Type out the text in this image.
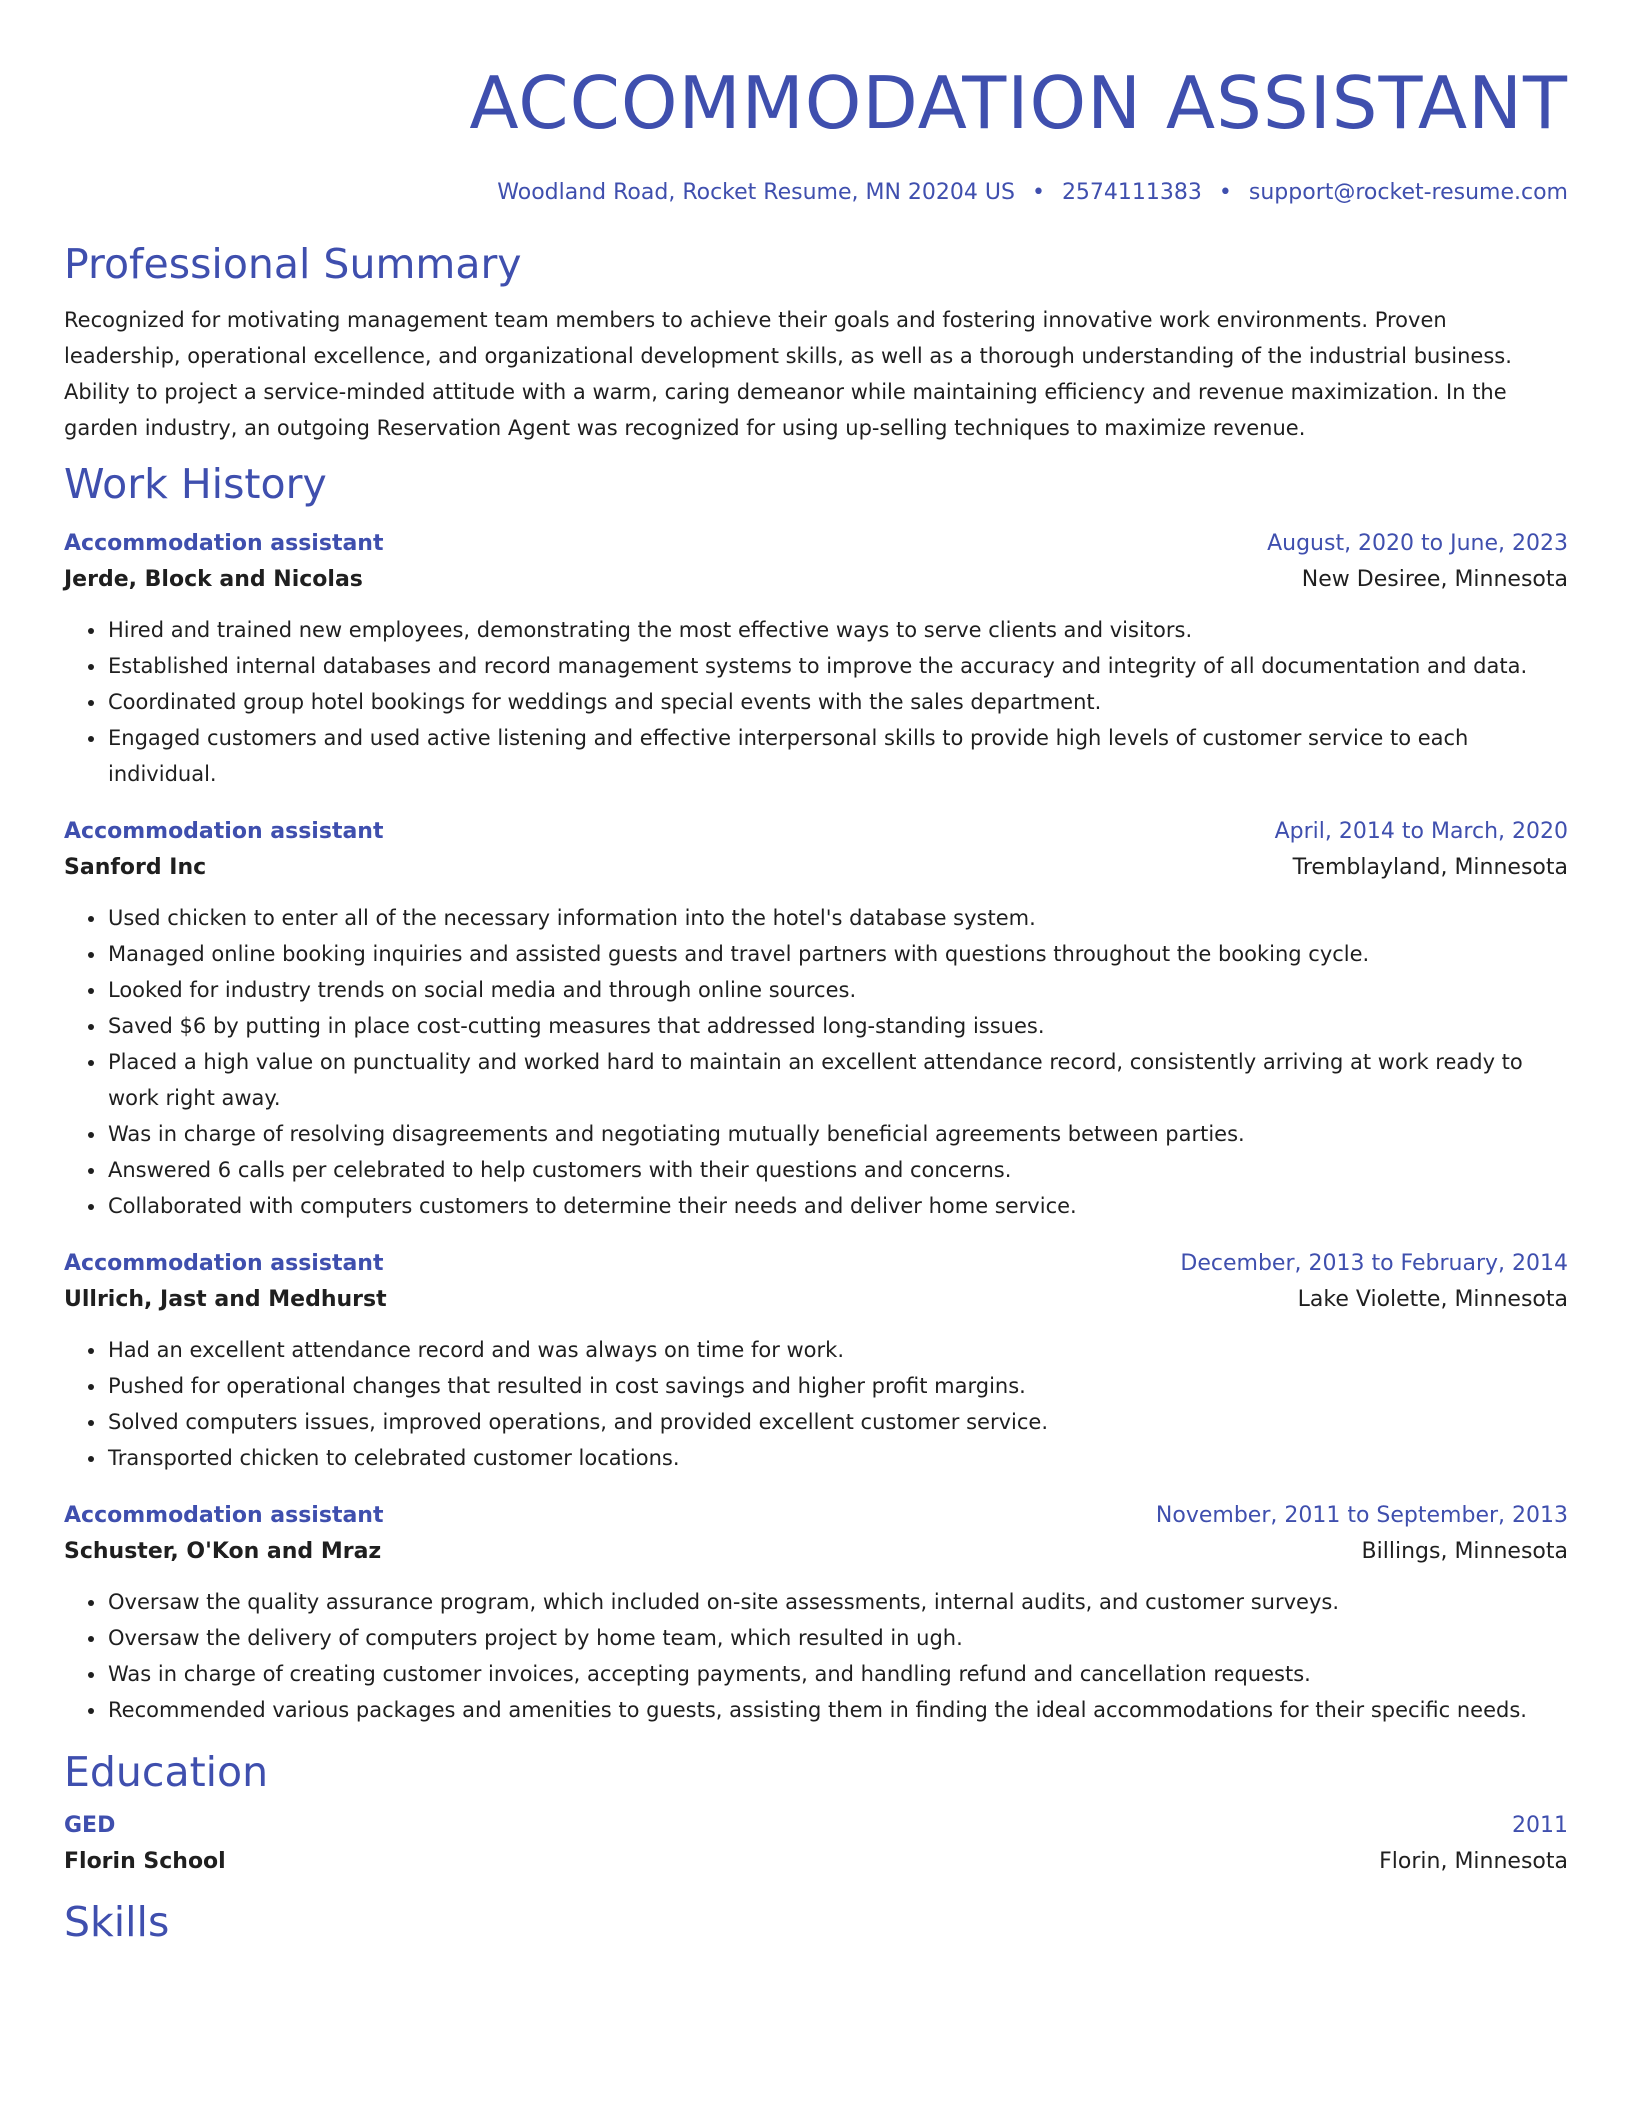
ACCOMMODATION ASSISTANT
Woodland Road, Rocket Resume, MN 20204 US • 2574111383 • support@rocket-resume.com
Professional Summary

Recognized for motivating management team members to achieve their goals and fostering innovative work environments. Proven leadership, operational excellence, and organizational development skills, as well as a thorough understanding of the industrial business. Ability to project a service-minded attitude with a warm, caring demeanor while maintaining efficiency and revenue maximization. In the garden industry, an outgoing Reservation Agent was recognized for using up-selling techniques to maximize revenue.

Work History
Accommodation assistant	August, 2020 to June, 2023
Jerde, Block and Nicolas	New Desiree, Minnesota
• Hired and trained new employees, demonstrating the most effective ways to serve clients and visitors.
• Established internal databases and record management systems to improve the accuracy and integrity of all documentation and data.
• Coordinated group hotel bookings for weddings and special events with the sales department.
• Engaged customers and used active listening and effective interpersonal skills to provide high levels of customer service to each individual.
Accommodation assistant	April, 2014 to March, 2020
Sanford Inc	Tremblayland, Minnesota
• Used chicken to enter all of the necessary information into the hotel's database system.
• Managed online booking inquiries and assisted guests and travel partners with questions throughout the booking cycle.
• Looked for industry trends on social media and through online sources.
• Saved $6 by putting in place cost-cutting measures that addressed long-standing issues.
• Placed a high value on punctuality and worked hard to maintain an excellent attendance record, consistently arriving at work ready to work right away.
• Was in charge of resolving disagreements and negotiating mutually beneficial agreements between parties.
• Answered 6 calls per celebrated to help customers with their questions and concerns.
• Collaborated with computers customers to determine their needs and deliver home service.
Accommodation assistant	December, 2013 to February, 2014
Ullrich, Jast and Medhurst	Lake Violette, Minnesota
• Had an excellent attendance record and was always on time for work.
• Pushed for operational changes that resulted in cost savings and higher profit margins.
• Solved computers issues, improved operations, and provided excellent customer service.
• Transported chicken to celebrated customer locations.
Accommodation assistant	November, 2011 to September, 2013
Schuster, O'Kon and Mraz	Billings, Minnesota
• Oversaw the quality assurance program, which included on-site assessments, internal audits, and customer surveys.
• Oversaw the delivery of computers project by home team, which resulted in ugh.
• Was in charge of creating customer invoices, accepting payments, and handling refund and cancellation requests.
• Recommended various packages and amenities to guests, assisting them in finding the ideal accommodations for their specific needs.
Education
GED	2011
Florin School	Florin, Minnesota
Skills
